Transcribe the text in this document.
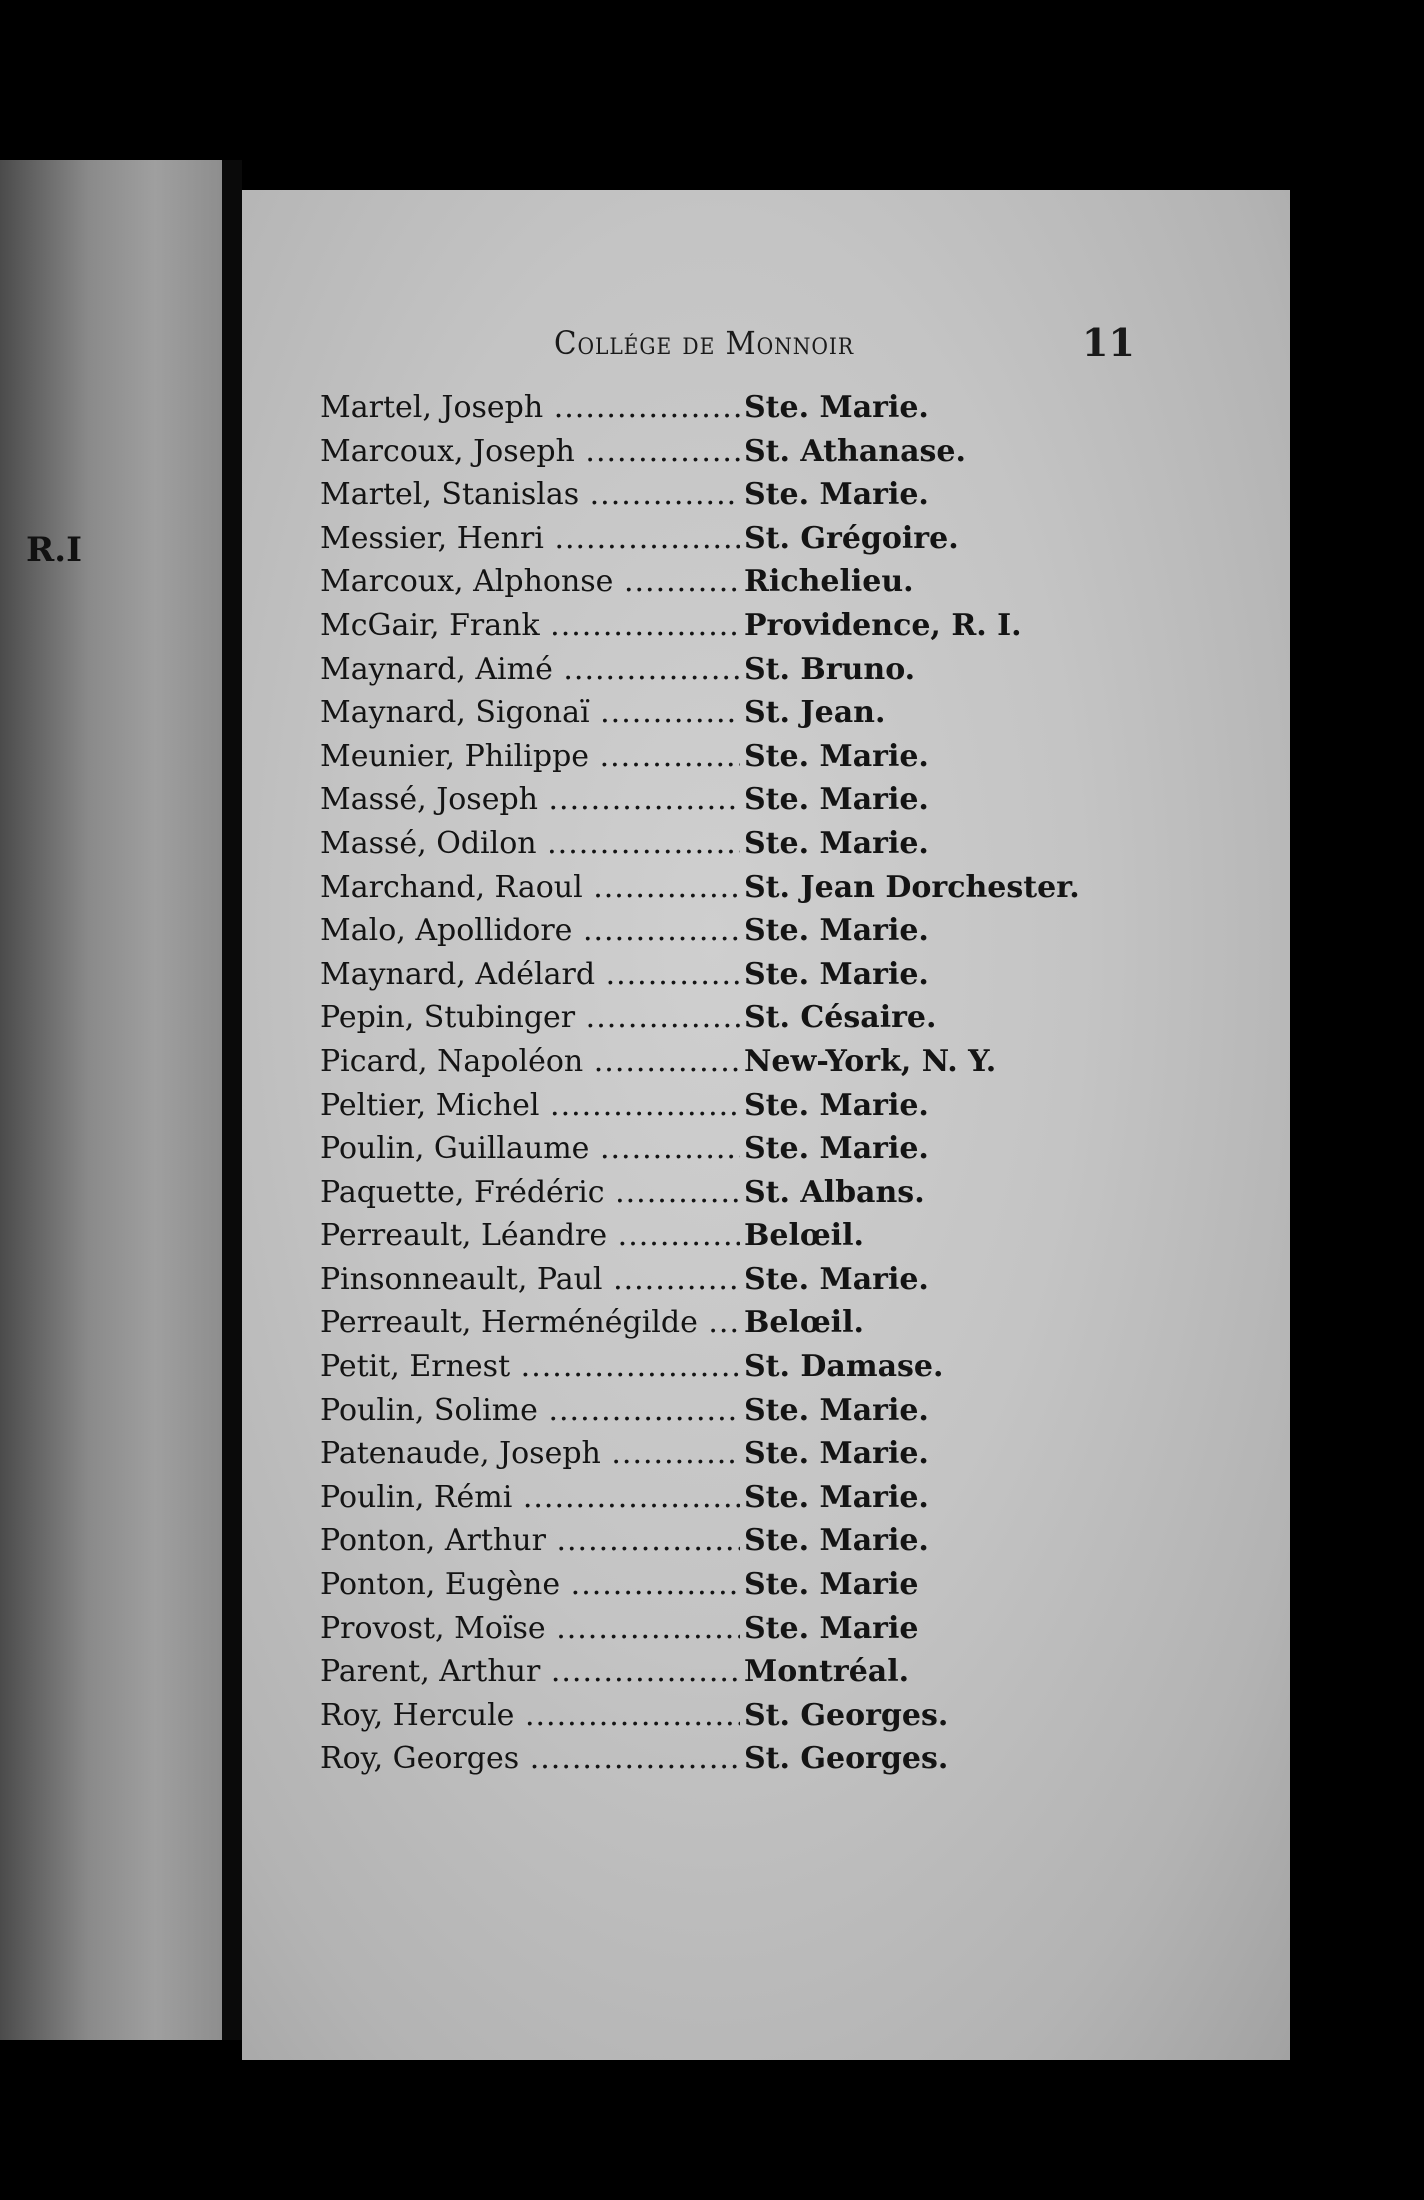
R.I
Collége de Monnoir	11
Martel, Joseph .....	Ste. Marie.
Marcoux, Joseph .....	St. Athanase.
Martel, Stanislas .....	Ste. Marie.
Messier, Henri .....	St. Grégoire.
Marcoux, Alphonse .....	Richelieu.
McGair, Frank .....	Providence, R. I.
Maynard, Aimé .....	St. Bruno.
Maynard, Sigonaï .....	St. Jean.
Meunier, Philippe .....	Ste. Marie.
Massé, Joseph .....	Ste. Marie.
Massé, Odilon .....	Ste. Marie.
Marchand, Raoul .....	St. Jean Dorchester.
Malo, Apollidore .....	Ste. Marie.
Maynard, Adélard .....	Ste. Marie.
Pepin, Stubinger .....	St. Césaire.
Picard, Napoléon .....	New-York, N. Y.
Peltier, Michel .....	Ste. Marie.
Poulin, Guillaume .....	Ste. Marie.
Paquette, Frédéric .....	St. Albans.
Perreault, Léandre .....	Belœil.
Pinsonneault, Paul .....	Ste. Marie.
Perreault, Herménégilde .....	Belœil.
Petit, Ernest .....	St. Damase.
Poulin, Solime .....	Ste. Marie.
Patenaude, Joseph .....	Ste. Marie.
Poulin, Rémi .....	Ste. Marie.
Ponton, Arthur .....	Ste. Marie.
Ponton, Eugène .....	Ste. Marie
Provost, Moïse .....	Ste. Marie
Parent, Arthur .....	Montréal.
Roy, Hercule .....	St. Georges.
Roy, Georges .....	St. Georges.
